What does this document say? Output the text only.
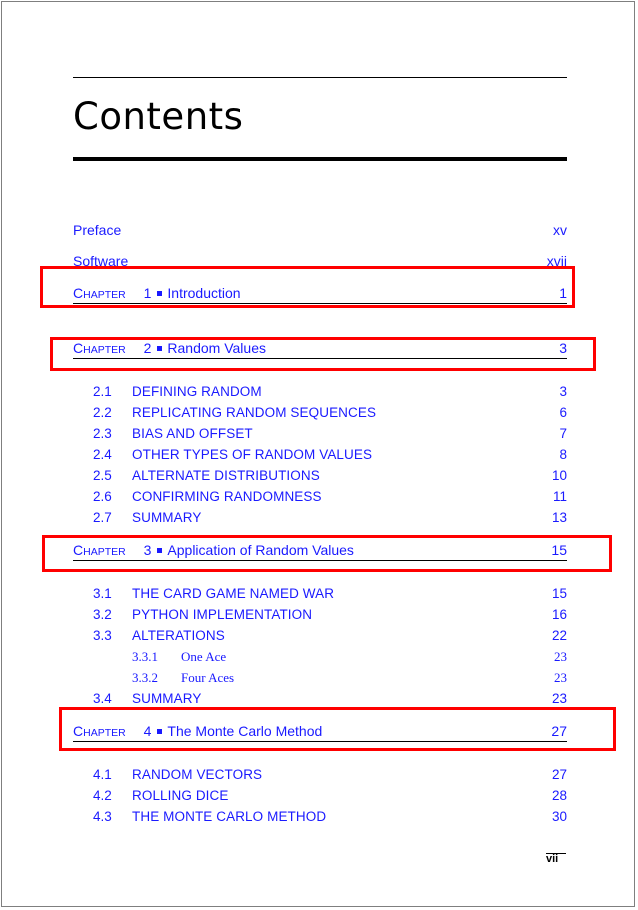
Contents
Preface	xv
Software	xvii
CHAPTER 1 Introduction	1
CHAPTER 2 Random Values	3
2.1 DEFINING RANDOM	3
2.2 REPLICATING RANDOM SEQUENCES	6
2.3 BIAS AND OFFSET	7
2.4 OTHER TYPES OF RANDOM VALUES	8
2.5 ALTERNATE DISTRIBUTIONS	10
2.6 CONFIRMING RANDOMNESS	11
2.7 SUMMARY	13
CHAPTER 3 Application of Random Values	15
3.1 THE CARD GAME NAMED WAR	15
3.2 PYTHON IMPLEMENTATION	16
3.3 ALTERATIONS	22
3.3.1 One Ace	23
3.3.2 Four Aces	23
3.4 SUMMARY	23
CHAPTER 4 The Monte Carlo Method	27
4.1 RANDOM VECTORS	27
4.2 ROLLING DICE	28
4.3 THE MONTE CARLO METHOD	30
vii
